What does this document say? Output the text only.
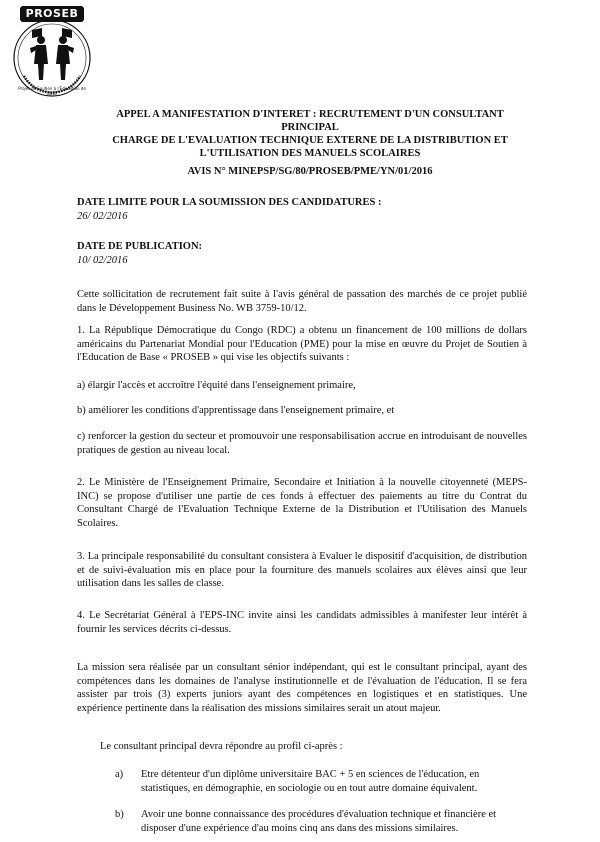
PROSEB
Projet de Soutien à l'Education de Base
APPEL A MANIFESTATION D'INTERET : RECRUTEMENT D'UN CONSULTANT PRINCIPAL
CHARGE DE L'EVALUATION TECHNIQUE EXTERNE DE LA DISTRIBUTION ET
L'UTILISATION DES MANUELS SCOLAIRES
AVIS N° MINEPSP/SG/80/PROSEB/PME/YN/01/2016
DATE LIMITE POUR LA SOUMISSION DES CANDIDATURES :
26/ 02/2016
DATE DE PUBLICATION:
10/ 02/2016
Cette sollicitation de recrutement fait suite à l'avis général de passation des marchés de ce projet publié dans le Développement Business No. WB 3759-10/12.
1. La République Démocratique du Congo (RDC) a obtenu un financement de 100 millions de dollars américains du Partenariat Mondial pour l'Education (PME) pour la mise en œuvre du Projet de Soutien à l'Education de Base « PROSEB » qui vise les objectifs suivants :
a) élargir l'accès et accroître l'équité dans l'enseignement primaire,
b) améliorer les conditions d'apprentissage dans l'enseignement primaire, et
c) renforcer la gestion du secteur et promouvoir une responsabilisation accrue en introduisant de nouvelles pratiques de gestion au niveau local.
2. Le Ministère de l'Enseignement Primaire, Secondaire et Initiation à la nouvelle citoyenneté (MEPS-INC) se propose d'utiliser une partie de ces fonds à effectuer des paiements au titre du Contrat du Consultant Chargé de l'Evaluation Technique Externe de la Distribution et l'Utilisation des Manuels Scolaires.
3. La principale responsabilité du consultant consistera à Evaluer le dispositif d'acquisition, de distribution et de suivi-évaluation mis en place pour la fourniture des manuels scolaires aux élèves ainsi que leur utilisation dans les salles de classe.
4. Le Secrétariat Général à l'EPS-INC invite ainsi les candidats admissibles à manifester leur intérêt à fournir les services décrits ci-dessus.
La mission sera réalisée par un consultant sénior indépendant, qui est le consultant principal, ayant des compétences dans les domaines de l'analyse institutionnelle et de l'évaluation de l'éducation. Il se fera assister par trois (3) experts juniors ayant des compétences en logistiques et en statistiques. Une expérience pertinente dans la réalisation des missions similaires serait un atout majeur.
Le consultant principal devra répondre au profil ci-après :
a)	Etre détenteur d'un diplôme universitaire BAC + 5 en sciences de l'éducation, en statistiques, en démographie, en sociologie ou en tout autre domaine équivalent.
b)	Avoir une bonne connaissance des procédures d'évaluation technique et financière et disposer d'une expérience d'au moins cinq ans dans des missions similaires.
